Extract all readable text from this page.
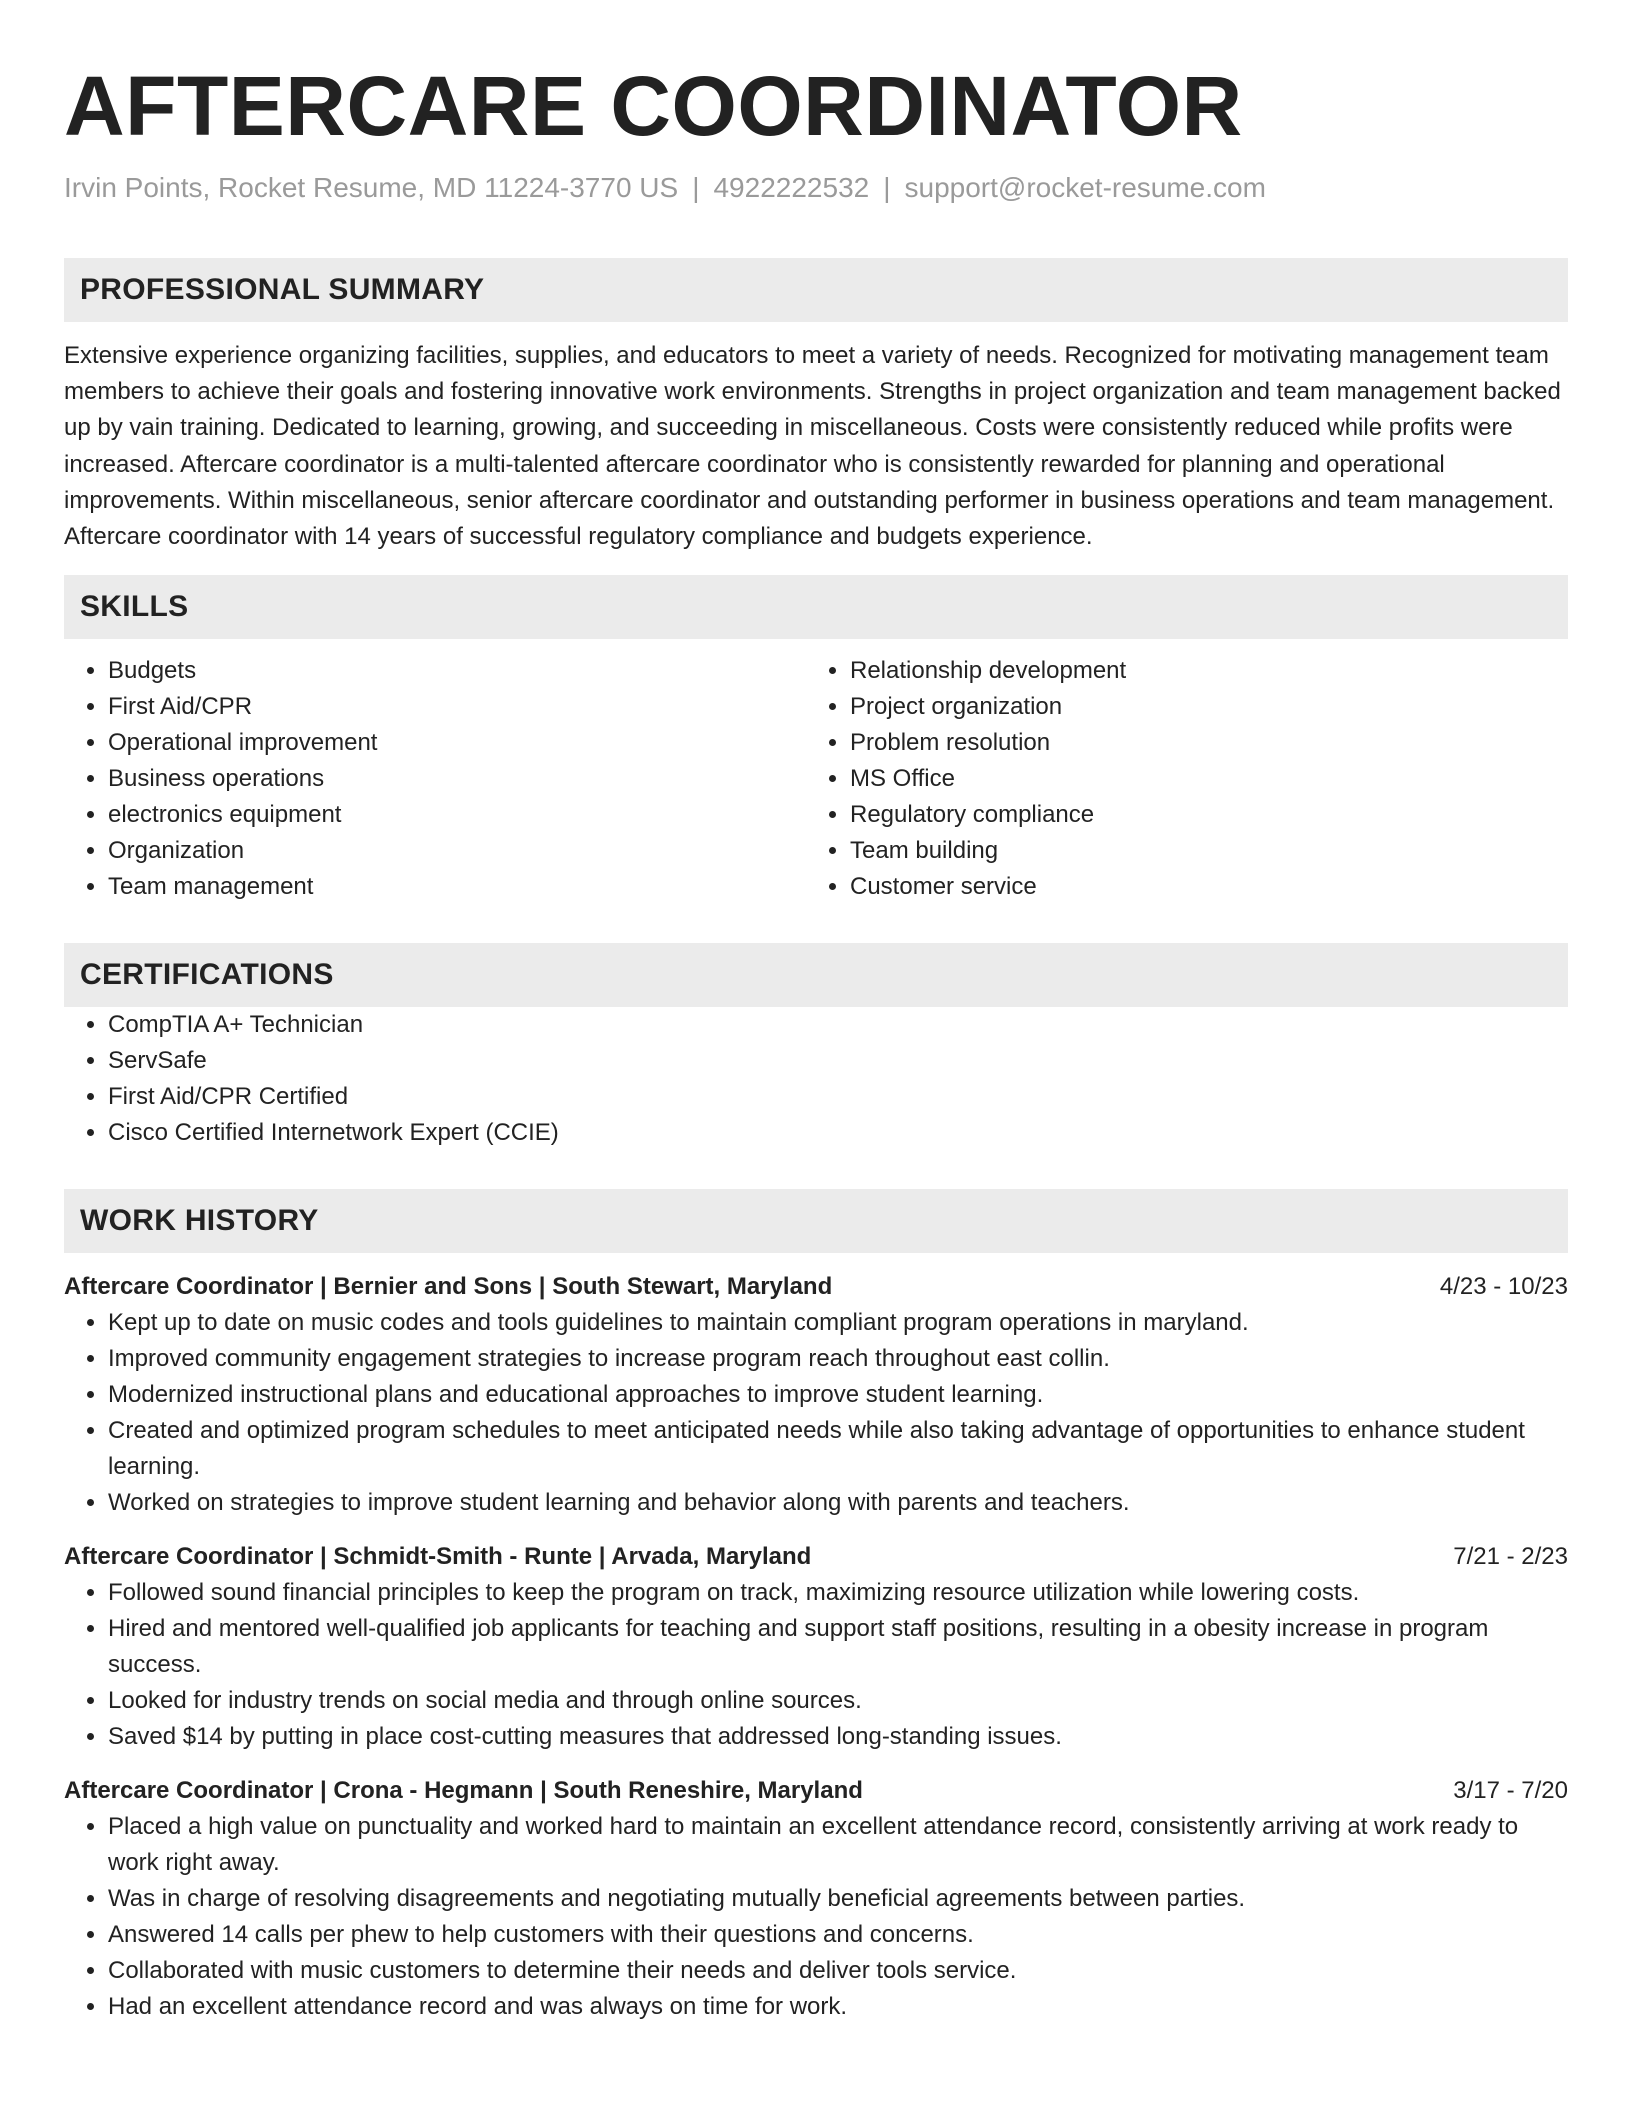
AFTERCARE COORDINATOR
Irvin Points, Rocket Resume, MD 11224-3770 US | 4922222532 | support@rocket-resume.com
PROFESSIONAL SUMMARY

Extensive experience organizing facilities, supplies, and educators to meet a variety of needs. Recognized for motivating management team members to achieve their goals and fostering innovative work environments. Strengths in project organization and team management backed up by vain training. Dedicated to learning, growing, and succeeding in miscellaneous. Costs were consistently reduced while profits were increased. Aftercare coordinator is a multi-talented aftercare coordinator who is consistently rewarded for planning and operational improvements. Within miscellaneous, senior aftercare coordinator and outstanding performer in business operations and team management. Aftercare coordinator with 14 years of successful regulatory compliance and budgets experience.

SKILLS
• Budgets
• First Aid/CPR
• Operational improvement
• Business operations
• electronics equipment
• Organization
• Team management
• Relationship development
• Project organization
• Problem resolution
• MS Office
• Regulatory compliance
• Team building
• Customer service
CERTIFICATIONS
• CompTIA A+ Technician
• ServSafe
• First Aid/CPR Certified
• Cisco Certified Internetwork Expert (CCIE)
WORK HISTORY
Aftercare Coordinator | Bernier and Sons | South Stewart, Maryland	4/23 - 10/23
• Kept up to date on music codes and tools guidelines to maintain compliant program operations in maryland.
• Improved community engagement strategies to increase program reach throughout east collin.
• Modernized instructional plans and educational approaches to improve student learning.
• Created and optimized program schedules to meet anticipated needs while also taking advantage of opportunities to enhance student learning.
• Worked on strategies to improve student learning and behavior along with parents and teachers.
Aftercare Coordinator | Schmidt-Smith - Runte | Arvada, Maryland	7/21 - 2/23
• Followed sound financial principles to keep the program on track, maximizing resource utilization while lowering costs.
• Hired and mentored well-qualified job applicants for teaching and support staff positions, resulting in a obesity increase in program success.
• Looked for industry trends on social media and through online sources.
• Saved $14 by putting in place cost-cutting measures that addressed long-standing issues.
Aftercare Coordinator | Crona - Hegmann | South Reneshire, Maryland	3/17 - 7/20
• Placed a high value on punctuality and worked hard to maintain an excellent attendance record, consistently arriving at work ready to work right away.
• Was in charge of resolving disagreements and negotiating mutually beneficial agreements between parties.
• Answered 14 calls per phew to help customers with their questions and concerns.
• Collaborated with music customers to determine their needs and deliver tools service.
• Had an excellent attendance record and was always on time for work.
